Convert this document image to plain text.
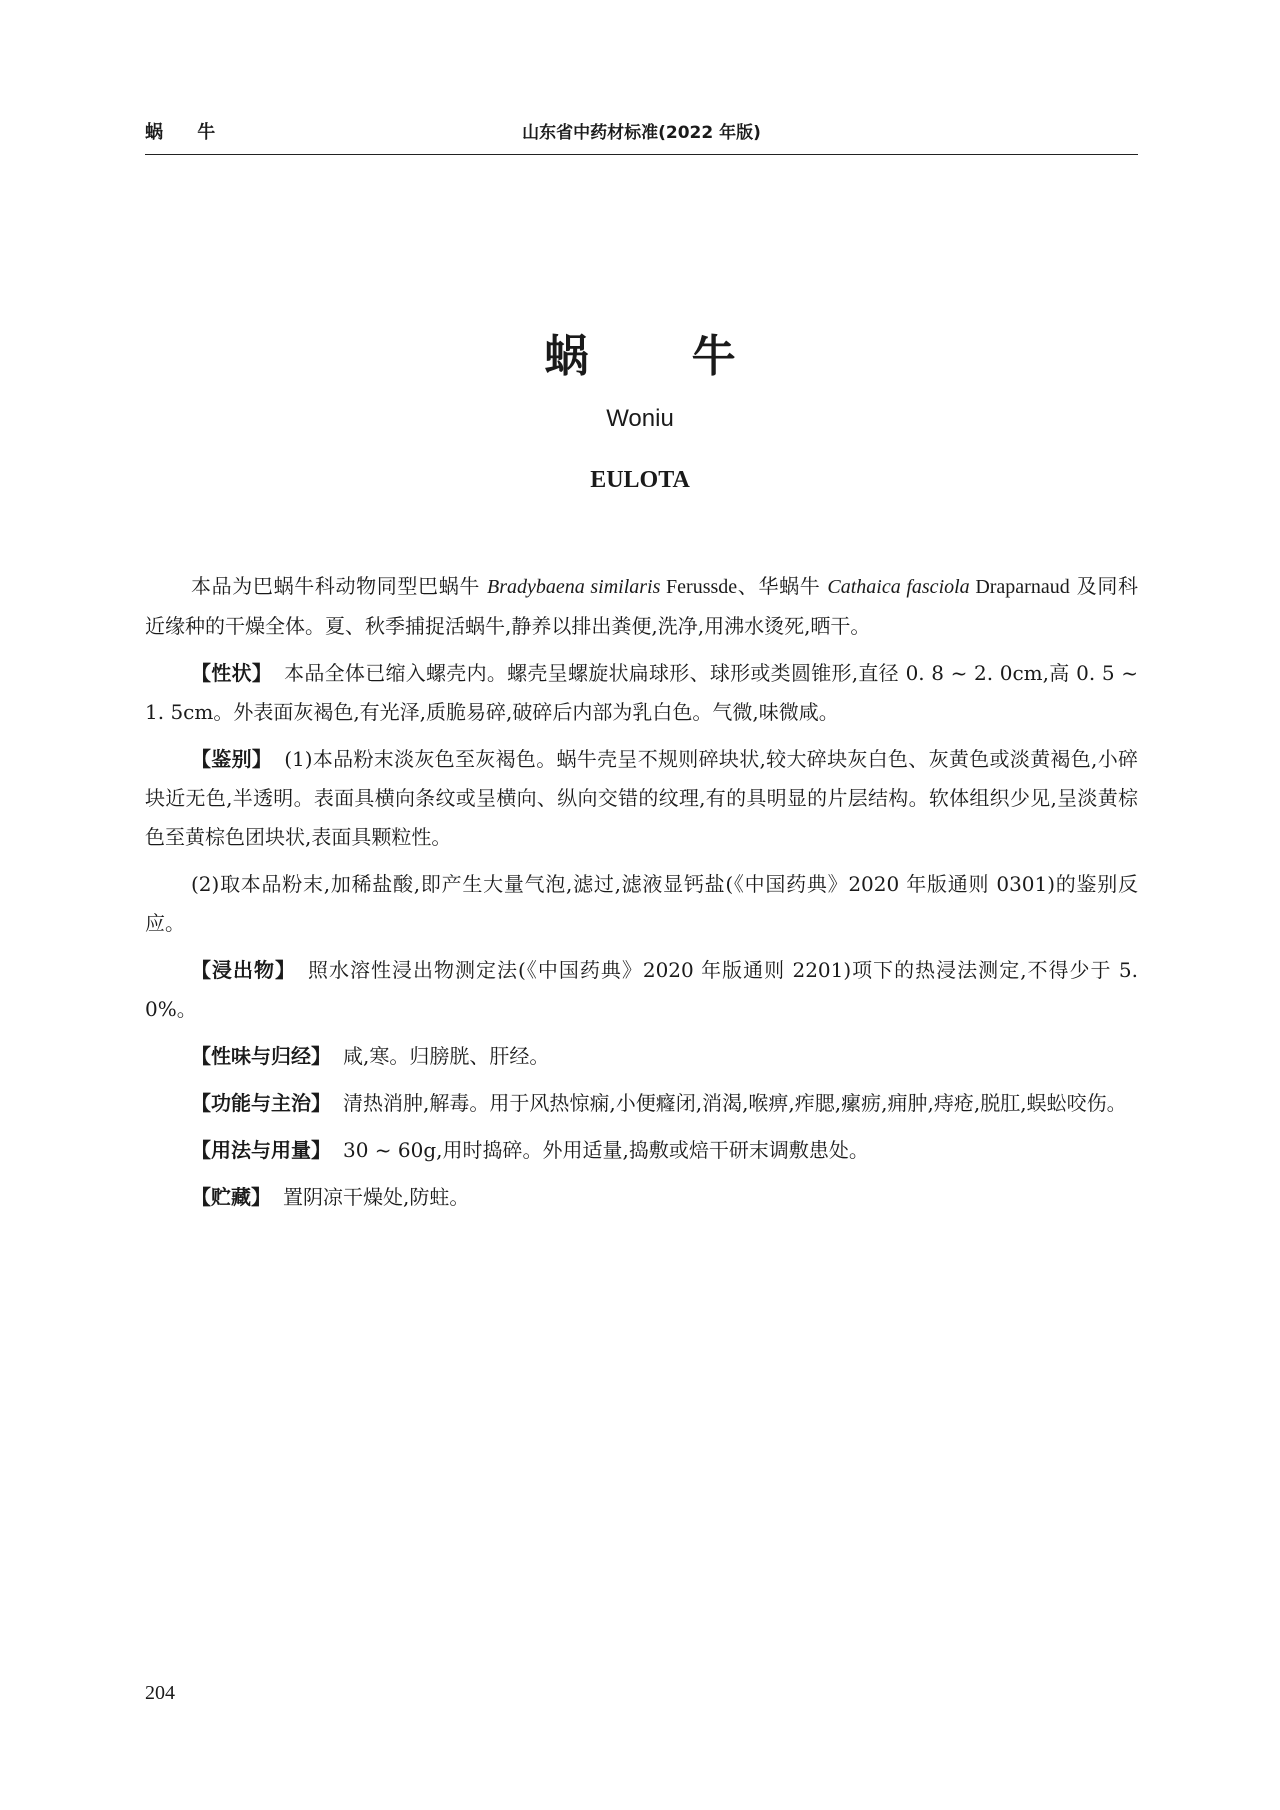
蜗 牛	山东省中药材标准(2022 年版)
蜗 牛
Woniu
EULOTA

本品为巴蜗牛科动物同型巴蜗牛 Bradybaena similaris Ferussde、华蜗牛 Cathaica fasciola Draparnaud 及同科近缘种的干燥全体。夏、秋季捕捉活蜗牛,静养以排出粪便,洗净,用沸水烫死,晒干。

【性状】 本品全体已缩入螺壳内。螺壳呈螺旋状扁球形、球形或类圆锥形,直径 0. 8 ~ 2. 0cm,高 0. 5 ~ 1. 5cm。外表面灰褐色,有光泽,质脆易碎,破碎后内部为乳白色。气微,味微咸。

【鉴别】 (1)本品粉末淡灰色至灰褐色。蜗牛壳呈不规则碎块状,较大碎块灰白色、灰黄色或淡黄褐色,小碎块近无色,半透明。表面具横向条纹或呈横向、纵向交错的纹理,有的具明显的片层结构。软体组织少见,呈淡黄棕色至黄棕色团块状,表面具颗粒性。

(2)取本品粉末,加稀盐酸,即产生大量气泡,滤过,滤液显钙盐(《中国药典》2020 年版通则 0301)的鉴别反应。

【浸出物】 照水溶性浸出物测定法(《中国药典》2020 年版通则 2201)项下的热浸法测定,不得少于 5. 0%。

【性味与归经】 咸,寒。归膀胱、肝经。

【功能与主治】 清热消肿,解毒。用于风热惊痫,小便癃闭,消渴,喉痹,痄腮,瘰疬,痈肿,痔疮,脱肛,蜈蚣咬伤。

【用法与用量】 30 ~ 60g,用时捣碎。外用适量,捣敷或焙干研末调敷患处。

【贮藏】 置阴凉干燥处,防蛀。

204
